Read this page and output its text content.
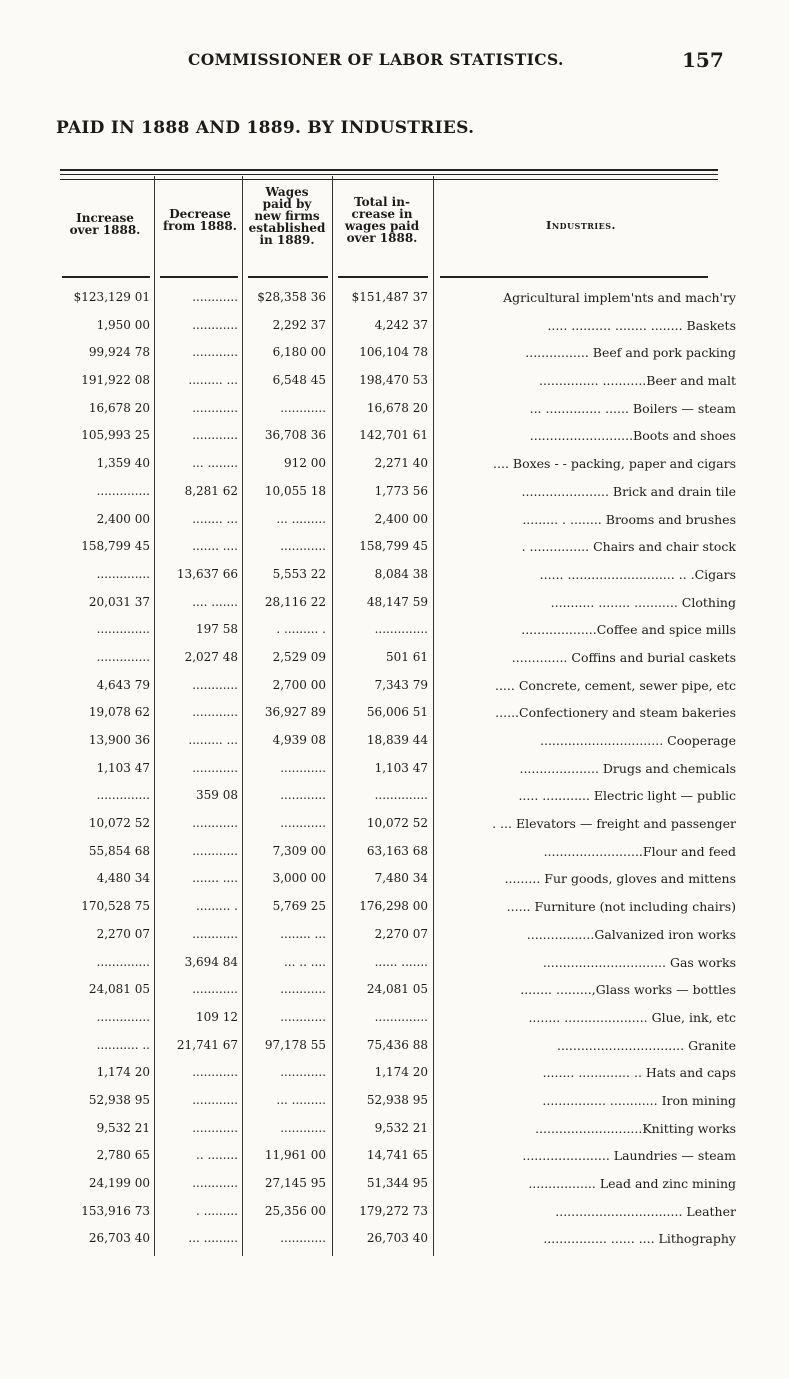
COMMISSIONER OF LABOR STATISTICS.	157
PAID IN 1888 AND 1889. BY INDUSTRIES.
Increase
over 1888.
Decrease
from 1888.
Wages
paid by
new firms
established
in 1889.
Total in-
crease in
wages paid
over 1888.
Industries.
$123,129 01	............	$28,358 36	$151,487 37	Agricultural implem'nts and mach'ry
1,950 00	............	2,292 37	4,242 37	..... .......... ........ ........ Baskets
99,924 78	............	6,180 00	106,104 78	................ Beef and pork packing
191,922 08	......... ...	6,548 45	198,470 53	............... ...........Beer and malt
16,678 20	............	............	16,678 20	... .............. ...... Boilers — steam
105,993 25	............	36,708 36	142,701 61	..........................Boots and shoes
1,359 40	... ........	912 00	2,271 40	.... Boxes - - packing, paper and cigars
..............	8,281 62	10,055 18	1,773 56	...................... Brick and drain tile
2,400 00	........ ...	... .........	2,400 00	......... . ........ Brooms and brushes
158,799 45	....... ....	............	158,799 45	. ............... Chairs and chair stock
..............	13,637 66	5,553 22	8,084 38	...... ........................... .. .Cigars
20,031 37	.... .......	28,116 22	48,147 59	........... ........ ........... Clothing
..............	197 58	. ......... .	..............	...................Coffee and spice mills
..............	2,027 48	2,529 09	501 61	.............. Coffins and burial caskets
4,643 79	............	2,700 00	7,343 79	..... Concrete, cement, sewer pipe, etc
19,078 62	............	36,927 89	56,006 51	......Confectionery and steam bakeries
13,900 36	......... ...	4,939 08	18,839 44	............................... Cooperage
1,103 47	............	............	1,103 47	.................... Drugs and chemicals
..............	359 08	............	..............	..... ............ Electric light — public
10,072 52	............	............	10,072 52	. ... Elevators — freight and passenger
55,854 68	............	7,309 00	63,163 68	.........................Flour and feed
4,480 34	....... ....	3,000 00	7,480 34	......... Fur goods, gloves and mittens
170,528 75	......... .	5,769 25	176,298 00	...... Furniture (not including chairs)
2,270 07	............	........ ...	2,270 07	.................Galvanized iron works
..............	3,694 84	... .. ....	...... .......	............................... Gas works
24,081 05	............	............	24,081 05	........ .........,Glass works — bottles
..............	109 12	............	..............	........ ..................... Glue, ink, etc
........... ..	21,741 67	97,178 55	75,436 88	................................ Granite
1,174 20	............	............	1,174 20	........ ............. .. Hats and caps
52,938 95	............	... .........	52,938 95	................ ............ Iron mining
9,532 21	............	............	9,532 21	...........................Knitting works
2,780 65	.. ........	11,961 00	14,741 65	...................... Laundries — steam
24,199 00	............	27,145 95	51,344 95	................. Lead and zinc mining
153,916 73	. .........	25,356 00	179,272 73	................................ Leather
26,703 40	... .........	............	26,703 40	................ ...... .... Lithography
